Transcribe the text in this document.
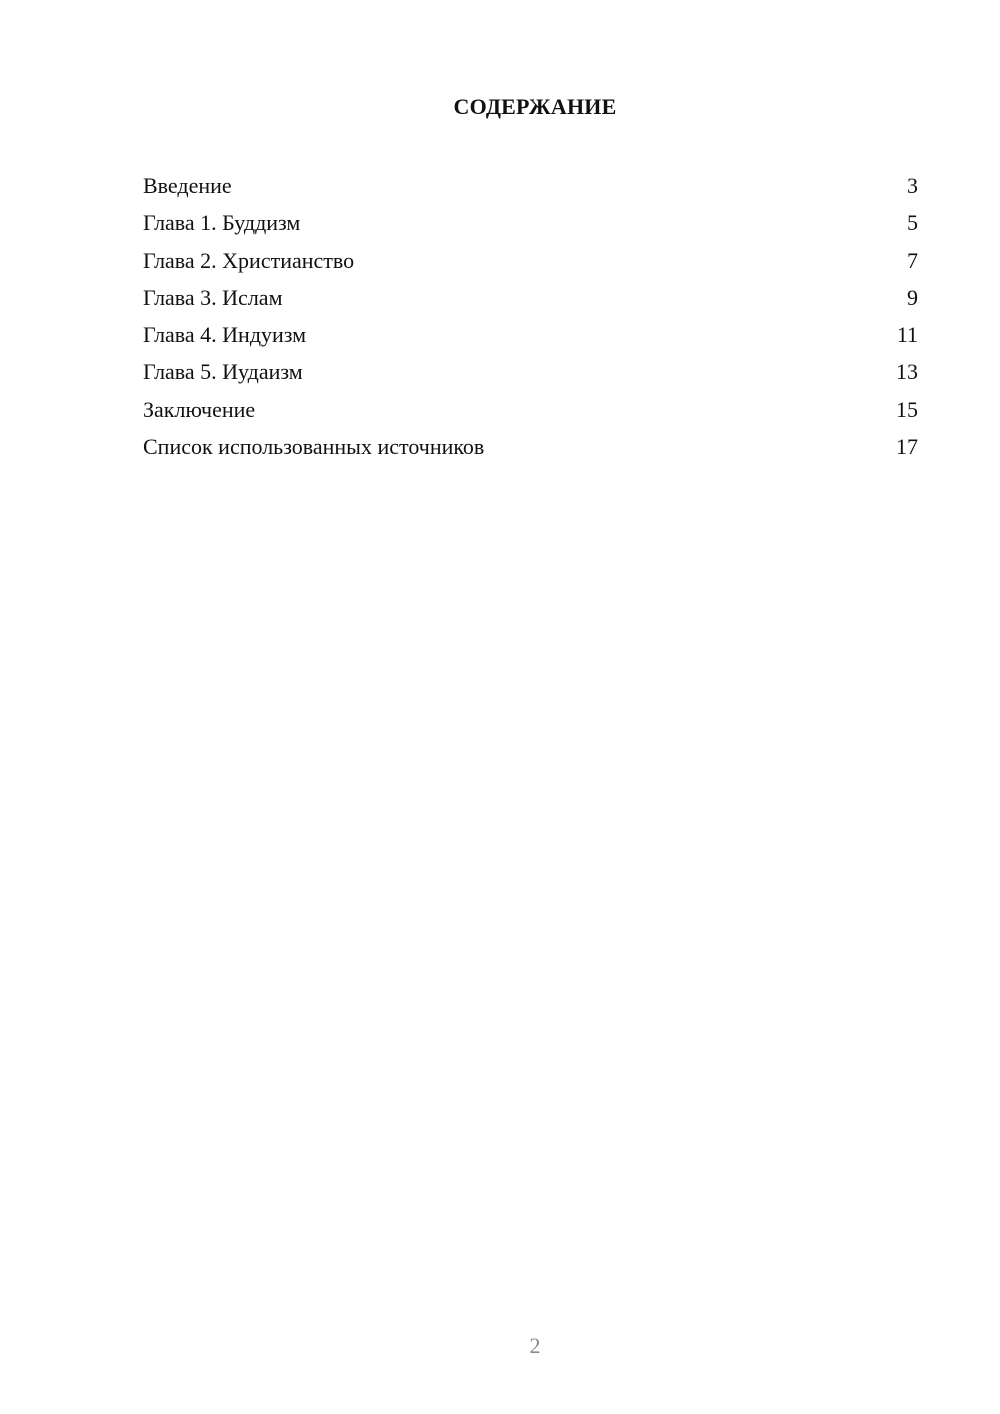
СОДЕРЖАНИЕ
Введение	3
Глава 1. Буддизм	5
Глава 2. Христианство	7
Глава 3. Ислам	9
Глава 4. Индуизм	11
Глава 5. Иудаизм	13
Заключение	15
Список использованных источников	17
2
